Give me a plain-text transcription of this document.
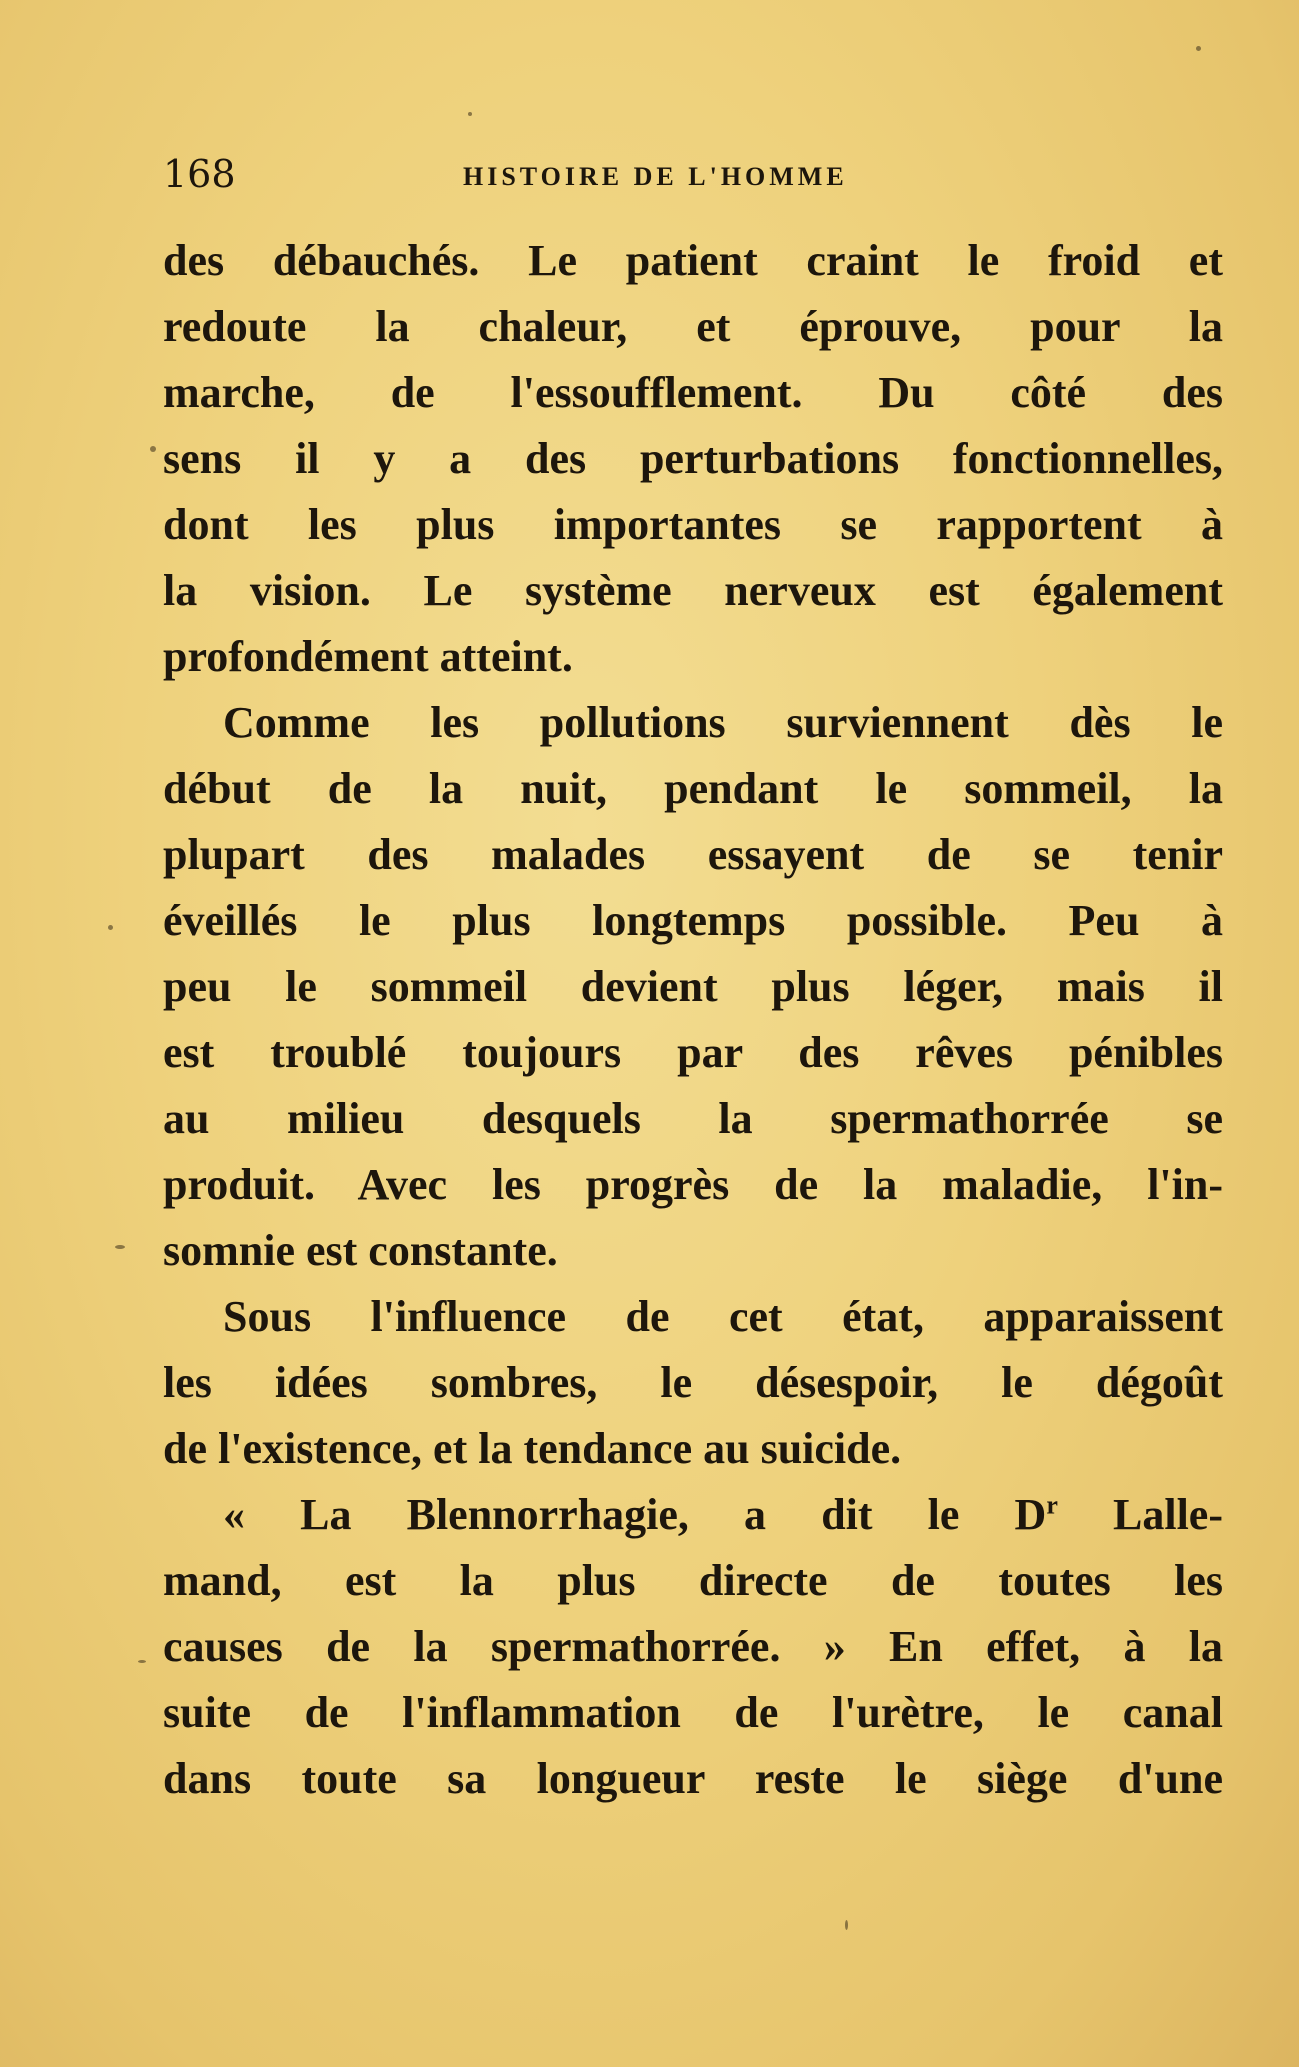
168	HISTOIRE DE L'HOMME
des débauchés. Le patient craint le froid et
redoute la chaleur, et éprouve, pour la
marche, de l'essoufflement. Du côté des
sens il y a des perturbations fonctionnelles,
dont les plus importantes se rapportent à
la vision. Le système nerveux est également
profondément atteint.
Comme les pollutions surviennent dès le
début de la nuit, pendant le sommeil, la
plupart des malades essayent de se tenir
éveillés le plus longtemps possible. Peu à
peu le sommeil devient plus léger, mais il
est troublé toujours par des rêves pénibles
au milieu desquels la spermathorrée se
produit. Avec les progrès de la maladie, l'in-
somnie est constante.
Sous l'influence de cet état, apparaissent
les idées sombres, le désespoir, le dégoût
de l'existence, et la tendance au suicide.
« La Blennorrhagie, a dit le $D^r$ Lalle-
mand, est la plus directe de toutes les
causes de la spermathorrée. » En effet, à la
suite de l'inflammation de l'urètre, le canal
dans toute sa longueur reste le siège d'une
